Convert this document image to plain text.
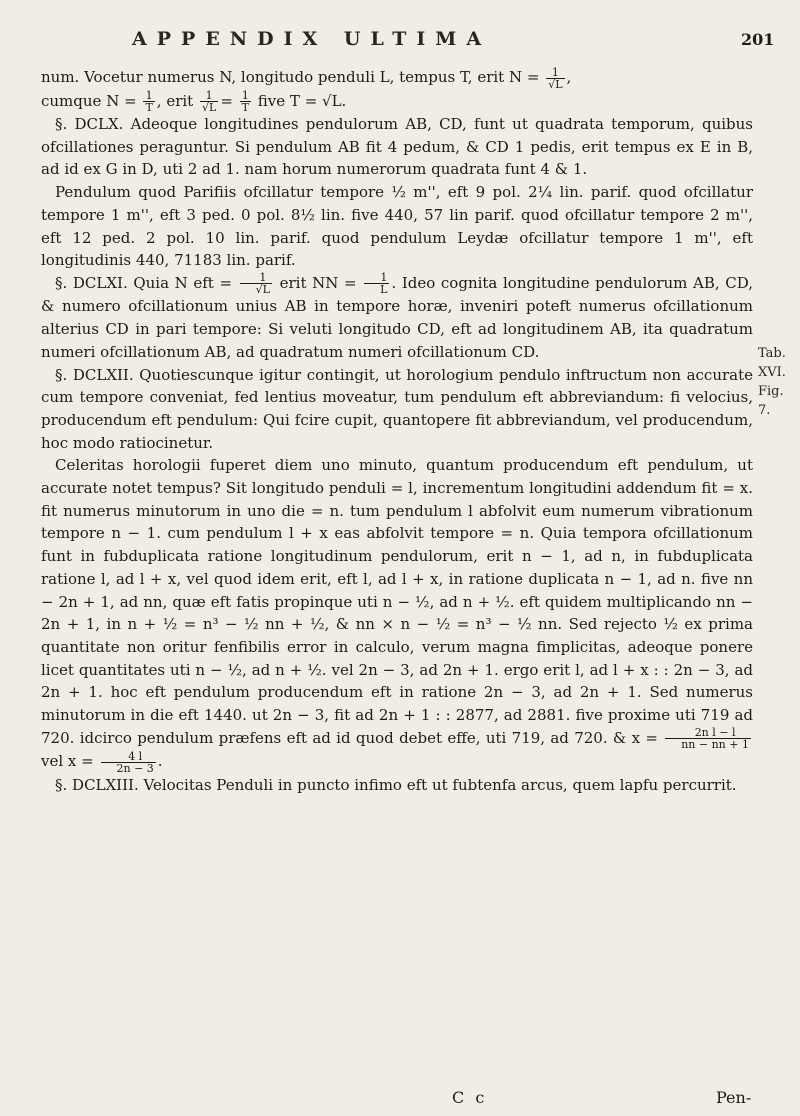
APPENDIX ULTIMA	201

num. Vocetur numerus N, longitudo penduli L, tempus T, erit $N = \frac{1}{√L}$ ,

cumque $N = \frac{1}{T}$ , erit $\frac{1}{√L} = \frac{1}{T}$ five T = √L.

§. DCLX. Adeoque longitudines pendulorum AB, CD, funt ut quadrata temporum, quibus ofcillationes peraguntur. Si pendulum AB fit 4 pedum, & CD 1 pedis, erit tempus ex E in B, ad id ex G in D, uti 2 ad 1. nam horum numerorum quadrata funt 4 & 1.

Pendulum quod Parifiis ofcillatur tempore ½ m'', eft 9 pol. 2¼ lin. parif. quod ofcillatur tempore 1 m'', eft 3 ped. 0 pol. 8½ lin. five 440, 57 lin parif. quod ofcillatur tempore 2 m'', eft 12 ped. 2 pol. 10 lin. parif. quod pendulum Leydæ ofcillatur tempore 1 m'', eft longitudinis 440, 71183 lin. parif.

§. DCLXI. Quia N eft = $\frac{1}{√L}$ erit NN = $\frac{1}{L}$ . Ideo cognita longitudine pendulorum AB, CD, & numero ofcillationum unius AB in tempore horæ, inveniri poteft numerus ofcillationum alterius CD in pari tempore: Si veluti longitudo CD, eft ad longitudinem AB, ita quadratum numeri ofcillationum AB, ad quadratum numeri ofcillationum CD.

§. DCLXII. Quotiescunque igitur contingit, ut horologium pendulo inftructum non accurate cum tempore conveniat, fed lentius moveatur, tum pendulum eft abbreviandum: fi velocius, producendum eft pendulum: Qui fcire cupit, quantopere fit abbreviandum, vel producendum, hoc modo ratiocinetur.

Celeritas horologii fuperet diem uno minuto, quantum producendum eft pendulum, ut accurate notet tempus? Sit longitudo penduli = l, incrementum longitudini addendum fit = x. fit numerus minutorum in uno die = n. tum pendulum l abfolvit eum numerum vibrationum tempore n − 1. cum pendulum l + x eas abfolvit tempore = n. Quia tempora ofcillationum funt in fubduplicata ratione longitudinum pendulorum, erit n − 1, ad n, in fubduplicata ratione l, ad l + x, vel quod idem erit, eft l, ad l + x, in ratione duplicata n − 1, ad n. five nn − 2n + 1, ad nn, quæ eft fatis propinque uti n − ½, ad n + ½. eft quidem multiplicando nn − 2n + 1, in n + ½ = n³ − ½ nn + ½, & nn × n − ½ = n³ − ½ nn. Sed rejecto ½ ex prima quantitate non oritur fenfibilis error in calculo, verum magna fimplicitas, adeoque ponere licet quantitates uti n − ½, ad n + ½. vel 2n − 3, ad 2n + 1. ergo erit l, ad l + x : : 2n − 3, ad 2n + 1. hoc eft pendulum producendum eft in ratione 2n − 3, ad 2n + 1. Sed numerus minutorum in die eft 1440. ut 2n − 3, fit ad 2n + 1 : : 2877, ad 2881. five proxime uti 719 ad 720. idcirco pendulum præfens eft ad id quod debet effe, uti 719, ad 720. & $x = \frac{\text{2n l − l}}{nn - nn + 1}$
vel $x = \frac{4 l}{2n - 3}$ .

§. DCLXIII. Velocitas Penduli in puncto infimo eft ut fubtenfa arcus, quem lapfu percurrit.

Tab.
XVI.
Fig. 7.
C c	Pen-
